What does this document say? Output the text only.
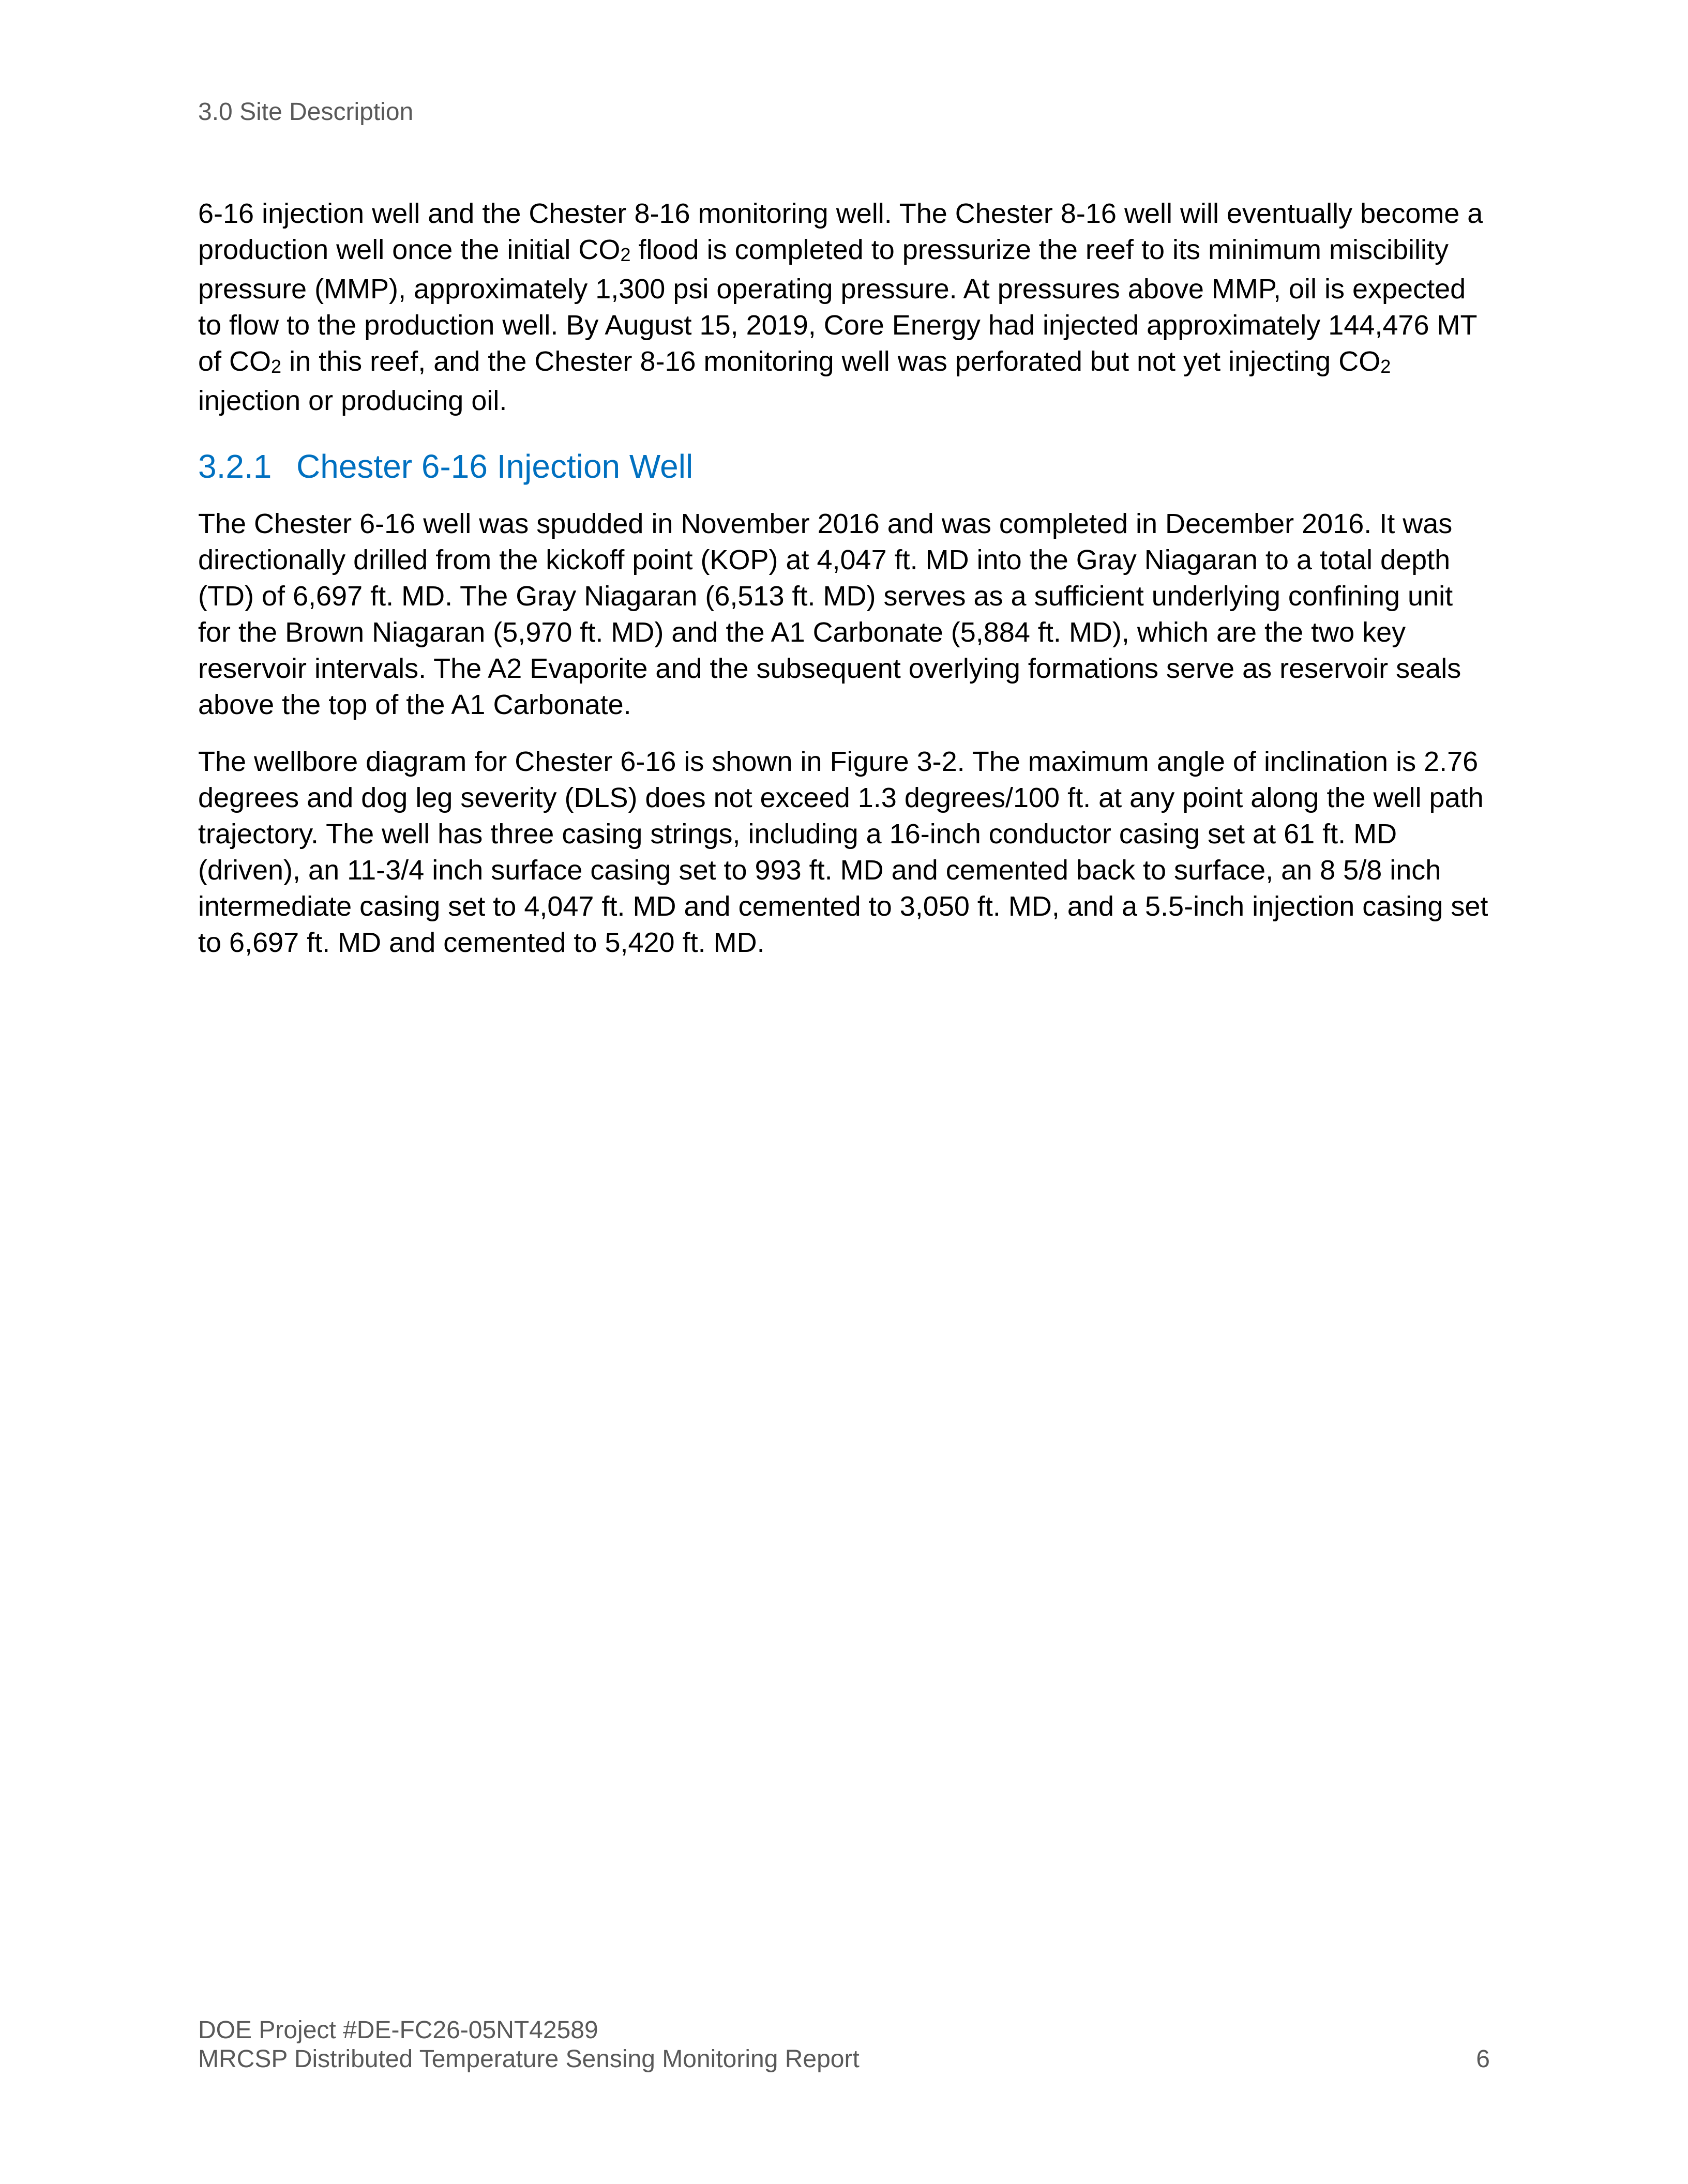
3.0 Site Description

6-16 injection well and the Chester 8-16 monitoring well. The Chester 8-16 well will eventually become a production well once the initial $CO_2$ flood is completed to pressurize the reef to its minimum miscibility pressure (MMP), approximately 1,300 psi operating pressure. At pressures above MMP, oil is expected to flow to the production well. By August 15, 2019, Core Energy had injected approximately 144,476 MT of $CO_2$ in this reef, and the Chester 8-16 monitoring well was perforated but not yet injecting $CO_2$ injection or producing oil.

3.2.1 Chester 6-16 Injection Well

The Chester 6-16 well was spudded in November 2016 and was completed in December 2016. It was directionally drilled from the kickoff point (KOP) at 4,047 ft. MD into the Gray Niagaran to a total depth (TD) of 6,697 ft. MD. The Gray Niagaran (6,513 ft. MD) serves as a sufficient underlying confining unit for the Brown Niagaran (5,970 ft. MD) and the A1 Carbonate (5,884 ft. MD), which are the two key reservoir intervals. The A2 Evaporite and the subsequent overlying formations serve as reservoir seals above the top of the A1 Carbonate.

The wellbore diagram for Chester 6-16 is shown in Figure 3-2. The maximum angle of inclination is 2.76 degrees and dog leg severity (DLS) does not exceed 1.3 degrees/100 ft. at any point along the well path trajectory. The well has three casing strings, including a 16-inch conductor casing set at 61 ft. MD (driven), an 11-3/4 inch surface casing set to 993 ft. MD and cemented back to surface, an 8 5/8 inch intermediate casing set to 4,047 ft. MD and cemented to 3,050 ft. MD, and a 5.5-inch injection casing set to 6,697 ft. MD and cemented to 5,420 ft. MD.

DOE Project #DE-FC26-05NT42589
MRCSP Distributed Temperature Sensing Monitoring Report	6
